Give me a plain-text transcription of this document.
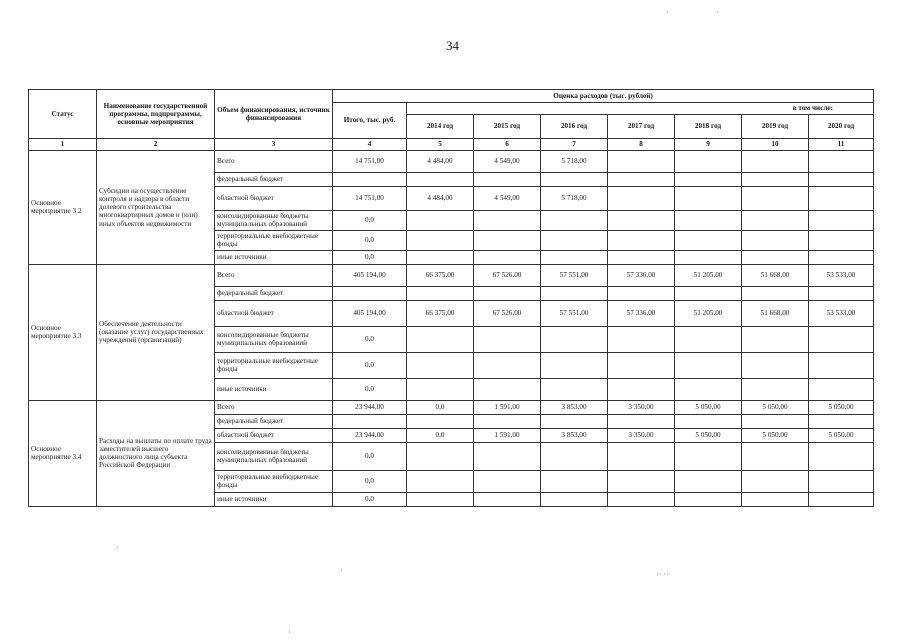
34
Статус	Наименование государственной программы, подпрограммы, основные мероприятия	Объем финансирования, источник финансирования	Оценка расходов (тыс. рублей)							
			Итого, тыс. руб.	в том числе:						
				2014 год	2015 год	2016 год	2017 год	2018 год	2019 год	2020 год
1	2	3	4	5	6	7	8	9	10	11
Основное мероприятие 3.2	Субсидии на осуществление контроля и надзора в области долевого строительства многоквартирных домов и (или) иных объектов недвижимости	Всего	14 751,00	4 484,00	4 549,00	5 718,00				
		федеральный бюджет								
		областной бюджет	14 751,00	4 484,00	4 549,00	5 718,00				
		консолидированные бюджеты муниципальных образований	0,0							
		территориальные внебюджетные фонды	0,0							
		иные источники	0,0							
Основное мероприятие 3.3	Обеспечение деятельности (оказание услуг) государственных учреждений (организаций)	Всего	405 194,00	66 375,00	67 526,00	57 551,00	57 336,00	51 205,00	51 668,00	53 533,00
		федеральный бюджет								
		областной бюджет	405 194,00	66 375,00	67 526,00	57 551,00	57 336,00	51 205,00	51 668,00	53 533,00
		консолидированные бюджеты муниципальных образований	0,0							
		территориальные внебюджетные фонды	0,0							
		иные источники	0,0							
Основное мероприятие 3.4	Расходы на выплаты по оплате труда заместителей высшего должностного лица субъекта Российской Федерации	Всего	23 944,00	0,0	1 591,00	3 853,00	3 350,00	5 050,00	5 050,00	5 050,00
		федеральный бюджет								
		областной бюджет	23 944,00	0,0	1 591,00	3 853,00	3 350,00	5 050,00	5 050,00	5 050,00
		консолидированные бюджеты муниципальных образований	0,0							
		территориальные внебюджетные фонды	0,0							
		иные источники	0,0							
·	·
·
·
˙˙ ˙˙˙
·
